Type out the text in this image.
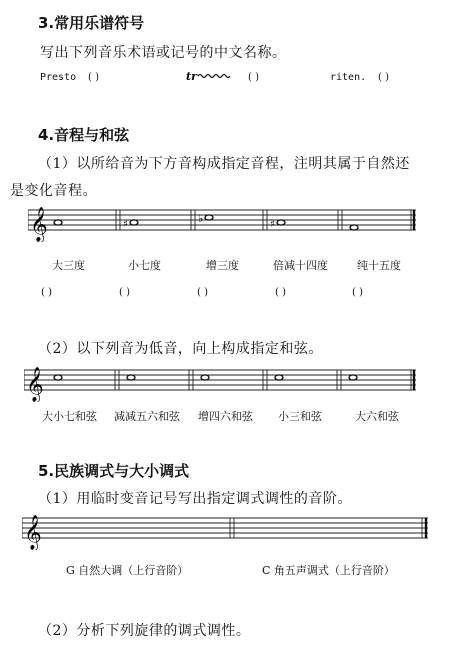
3.常用乐谱符号
写出下列音乐术语或记号的中文名称。
Presto ( )	tr	( )	riten. ( )
4.音程与和弦
（1）以所给音为下方音构成指定音程，注明其属于自然还
是变化音程。
𝄞	♯	♭	♯
大三度	小七度	增三度	倍减十四度	纯十五度
( )	( )	( )	( )	( )
（2）以下列音为低音，向上构成指定和弦。
𝄞
大小七和弦 减减五六和弦 增四六和弦 小三和弦	大六和弦
5.民族调式与大小调式
（1）用临时变音记号写出指定调式调性的音阶。
𝄞
G 自然大调（上行音阶）	C 角五声调式（上行音阶）
（2）分析下列旋律的调式调性。
